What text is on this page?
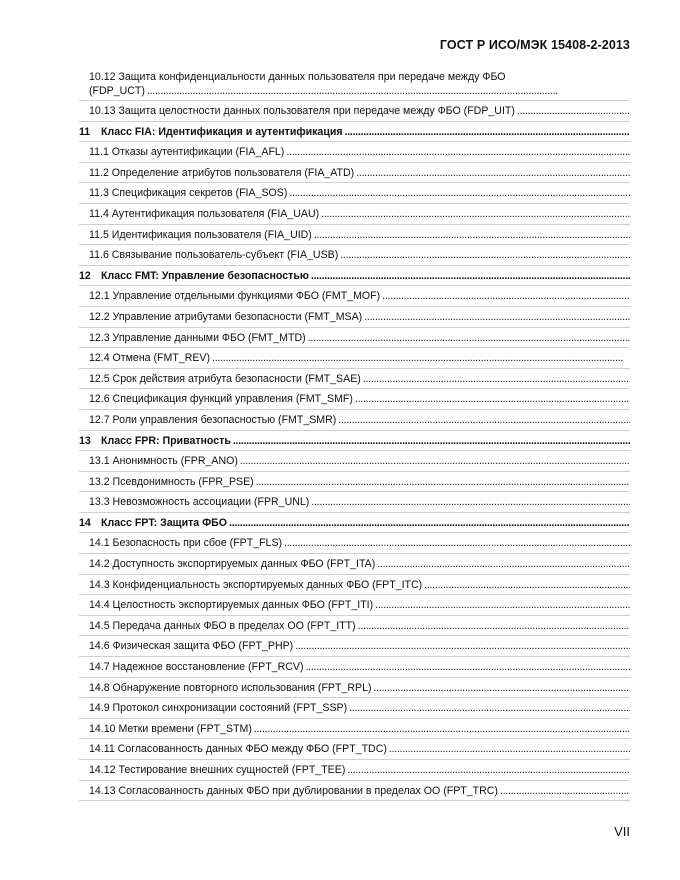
ГОСТ Р ИСО/МЭК 15408-2-2013
10.12 Защита конфиденциальности данных пользователя при передаче между ФБО
(FDP_UCT)
. . .
10.13 Защита целостности данных пользователя при передаче между ФБО (FDP_UIT)
. . .
11	Класс FIA: Идентификация и аутентификация
. . .
11.1 Отказы аутентификации (FIA_AFL)
. . .
11.2 Определение атрибутов пользователя (FIA_ATD)
. . .
11.3 Спецификация секретов (FIA_SOS)
. . .
11.4 Аутентификация пользователя (FIA_UAU)
. . .
11.5 Идентификация пользователя (FIA_UID)
. . .
11.6 Связывание пользователь-субъект (FIA_USB)
. . .
12 Класс FMT: Управление безопасностью
. . .
12.1 Управление отдельными функциями ФБО (FMT_MOF)
. . .
12.2 Управление атрибутами безопасности (FMT_MSA)
. . .
12.3 Управление данными ФБО (FMT_MTD)
. . .
12.4 Отмена (FMT_REV)
. . .
12.5 Срок действия атрибута безопасности (FMT_SAE)
. . .
12.6 Спецификация функций управления (FMT_SMF)
. . .
12.7 Роли управления безопасностью (FMT_SMR)
. . .
13 Класс FPR: Приватность
. . .
13.1 Анонимность (FPR_ANO)
. . .
13.2 Псевдонимность (FPR_PSE)
. . .
13.3 Невозможность ассоциации (FPR_UNL)
. . .
14 Класс FPT: Защита ФБО
. . .
14.1 Безопасность при сбое (FPT_FLS)
. . .
14.2 Доступность экспортируемых данных ФБО (FPT_ITA)
. . .
14.3 Конфиденциальность экспортируемых данных ФБО (FPT_ITC)
. . .
14.4 Целостность экспортируемых данных ФБО (FPT_ITI)
. . .
14.5 Передача данных ФБО в пределах ОО (FPT_ITT)
. . .
14.6 Физическая защита ФБО (FPT_PHP)
. . .
14.7 Надежное восстановление (FPT_RCV)
. . .
14.8 Обнаружение повторного использования (FPT_RPL)
. . .
14.9 Протокол синхронизации состояний (FPT_SSP)
. . .
14.10 Метки времени (FPT_STM)
. . .
14.11 Согласованность данных ФБО между ФБО (FPT_TDC)
. . .
14.12 Тестирование внешних сущностей (FPT_TEE)
. . .
14.13 Согласованность данных ФБО при дублировании в пределах ОО (FPT_TRC)
. . .
VII
